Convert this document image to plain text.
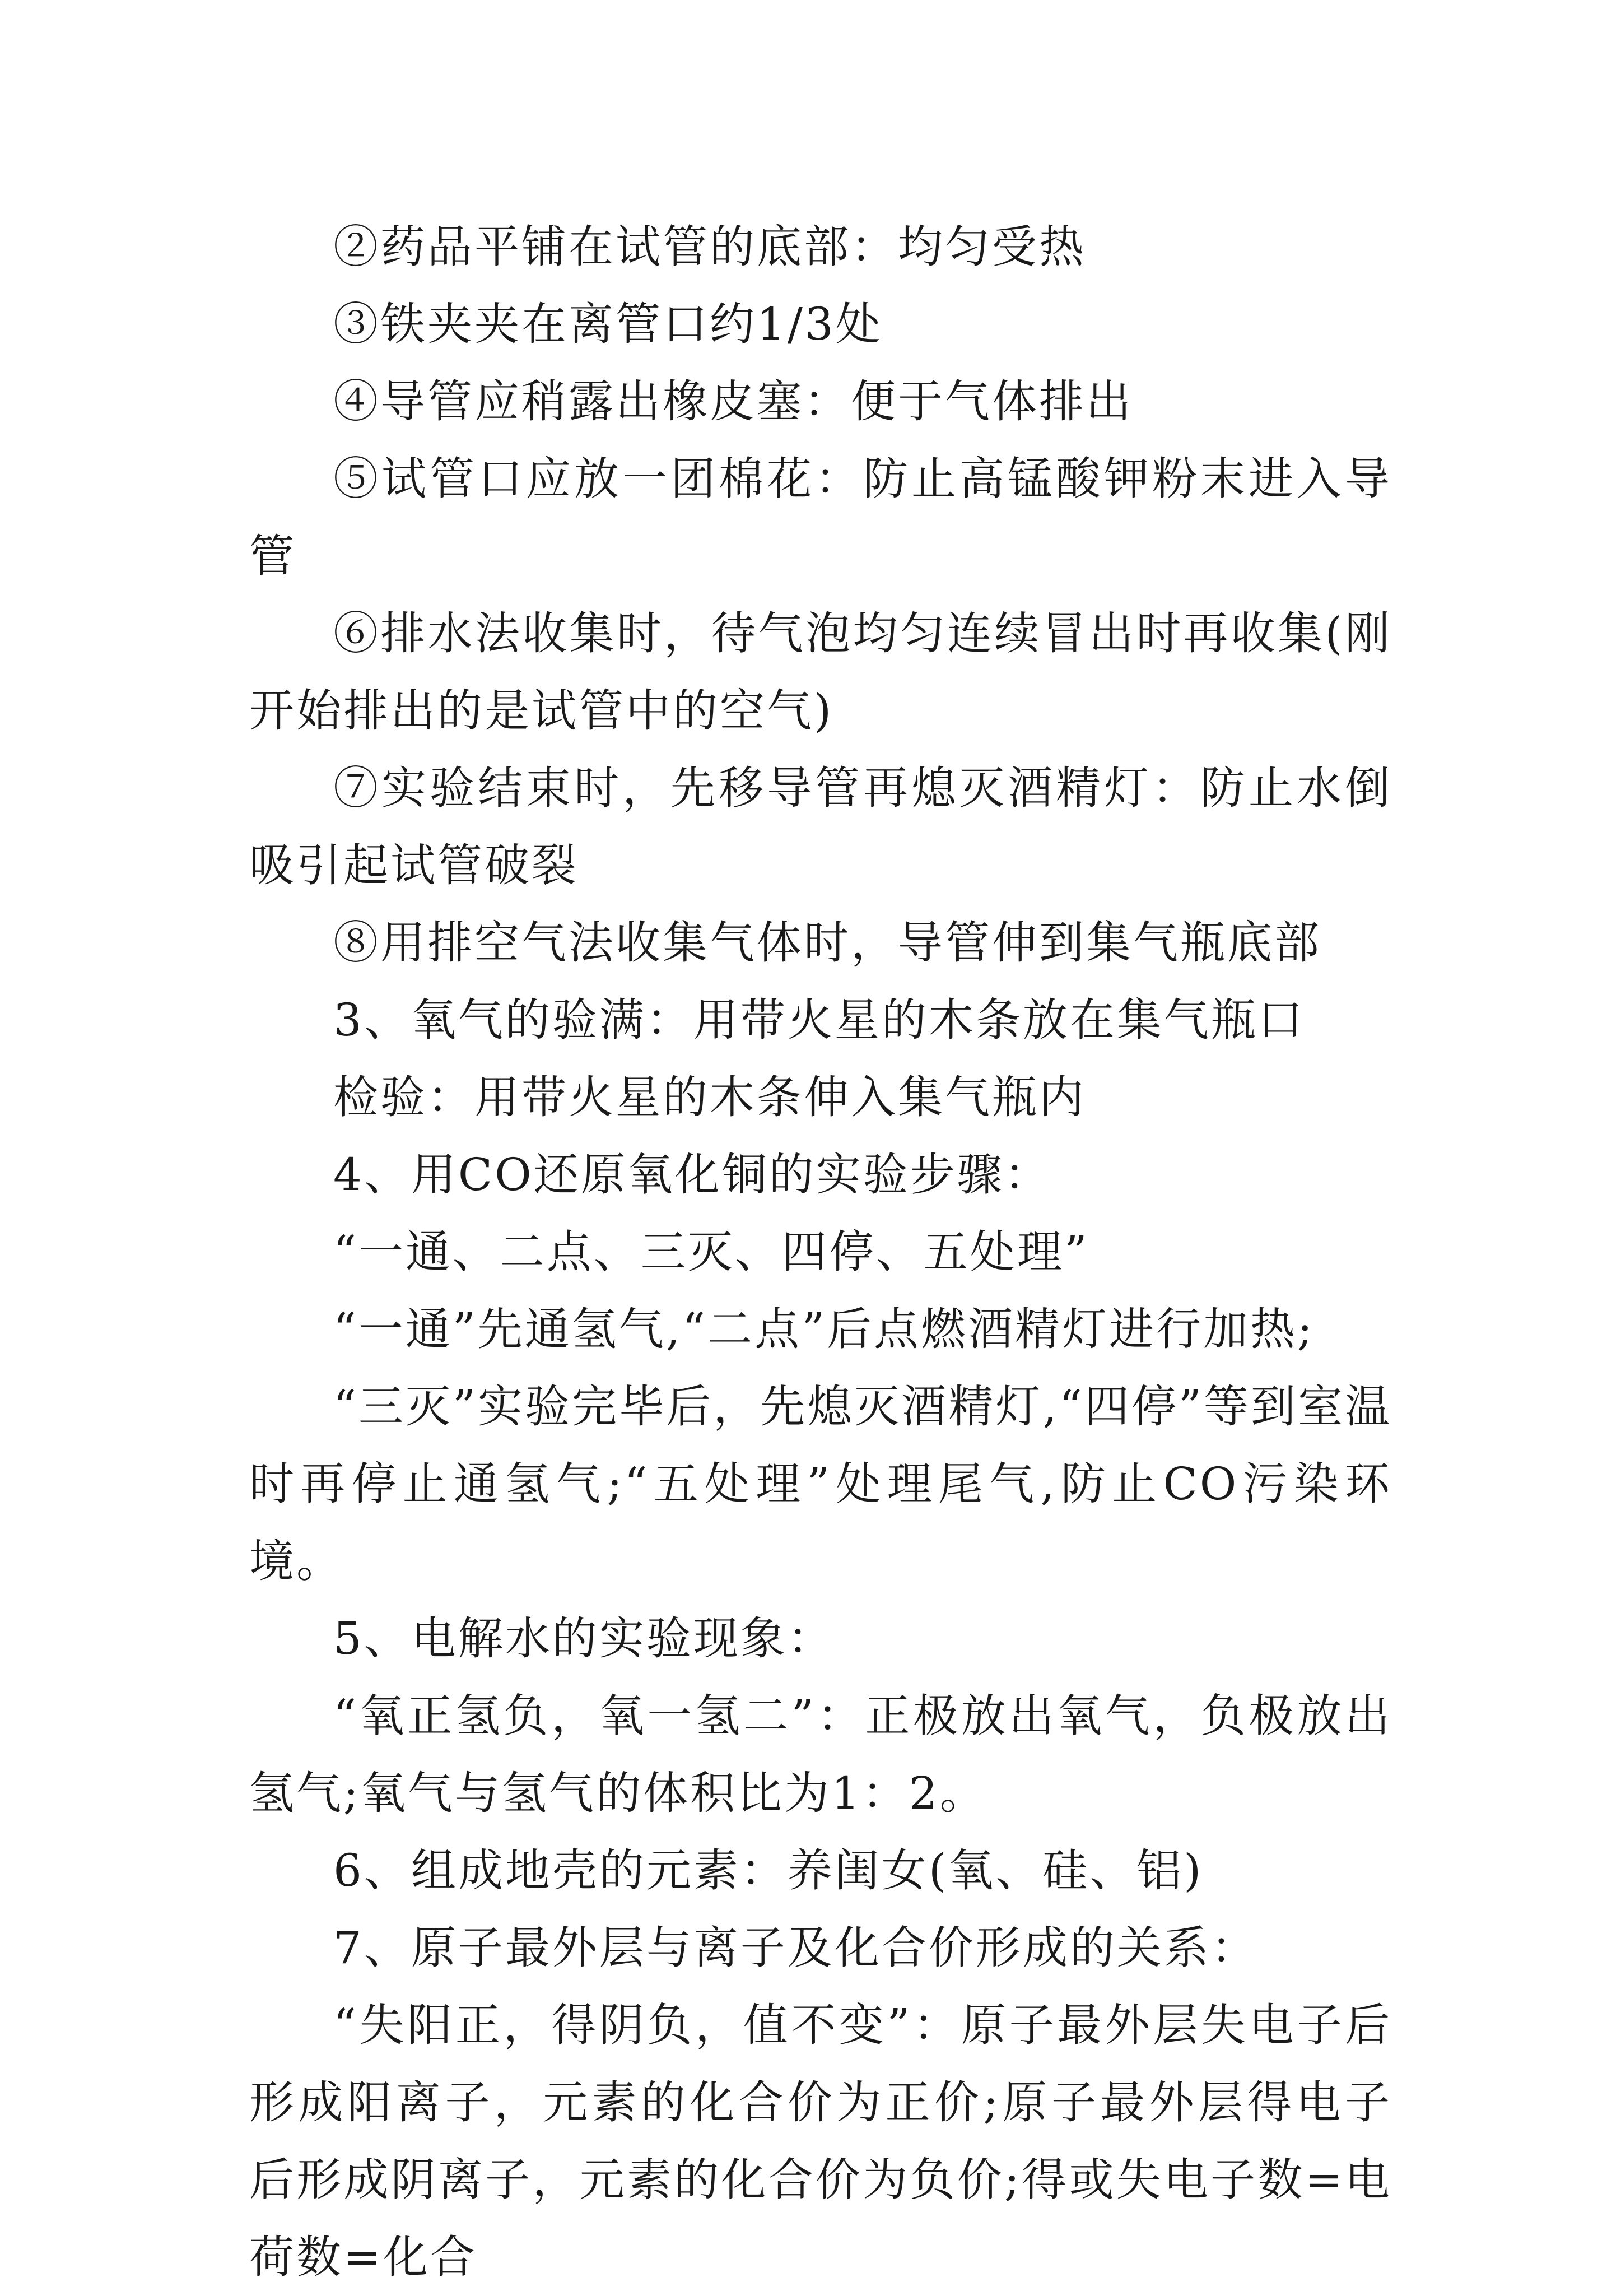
②药品平铺在试管的底部：均匀受热

③铁夹夹在离管口约1/3处

④导管应稍露出橡皮塞：便于气体排出

⑤试管口应放一团棉花：防止高锰酸钾粉末进入导管

⑥排水法收集时，待气泡均匀连续冒出时再收集(刚开始排出的是试管中的空气)

⑦实验结束时，先移导管再熄灭酒精灯：防止水倒吸引起试管破裂

⑧用排空气法收集气体时，导管伸到集气瓶底部

3、氧气的验满：用带火星的木条放在集气瓶口

检验：用带火星的木条伸入集气瓶内

4、用CO还原氧化铜的实验步骤：

“一通、二点、三灭、四停、五处理”

“一通”先通氢气,“二点”后点燃酒精灯进行加热;

“三灭”实验完毕后，先熄灭酒精灯,“四停”等到室温时再停止通氢气;“五处理”处理尾气,防止CO污染环境。

5、电解水的实验现象：

“氧正氢负，氧一氢二”：正极放出氧气，负极放出氢气;氧气与氢气的体积比为1：2。

6、组成地壳的元素：养闺女(氧、硅、铝)

7、原子最外层与离子及化合价形成的关系：

“失阳正，得阴负，值不变”：原子最外层失电子后形成阳离子，元素的化合价为正价;原子最外层得电子后形成阴离子，元素的化合价为负价;得或失电子数=电荷数=化合
